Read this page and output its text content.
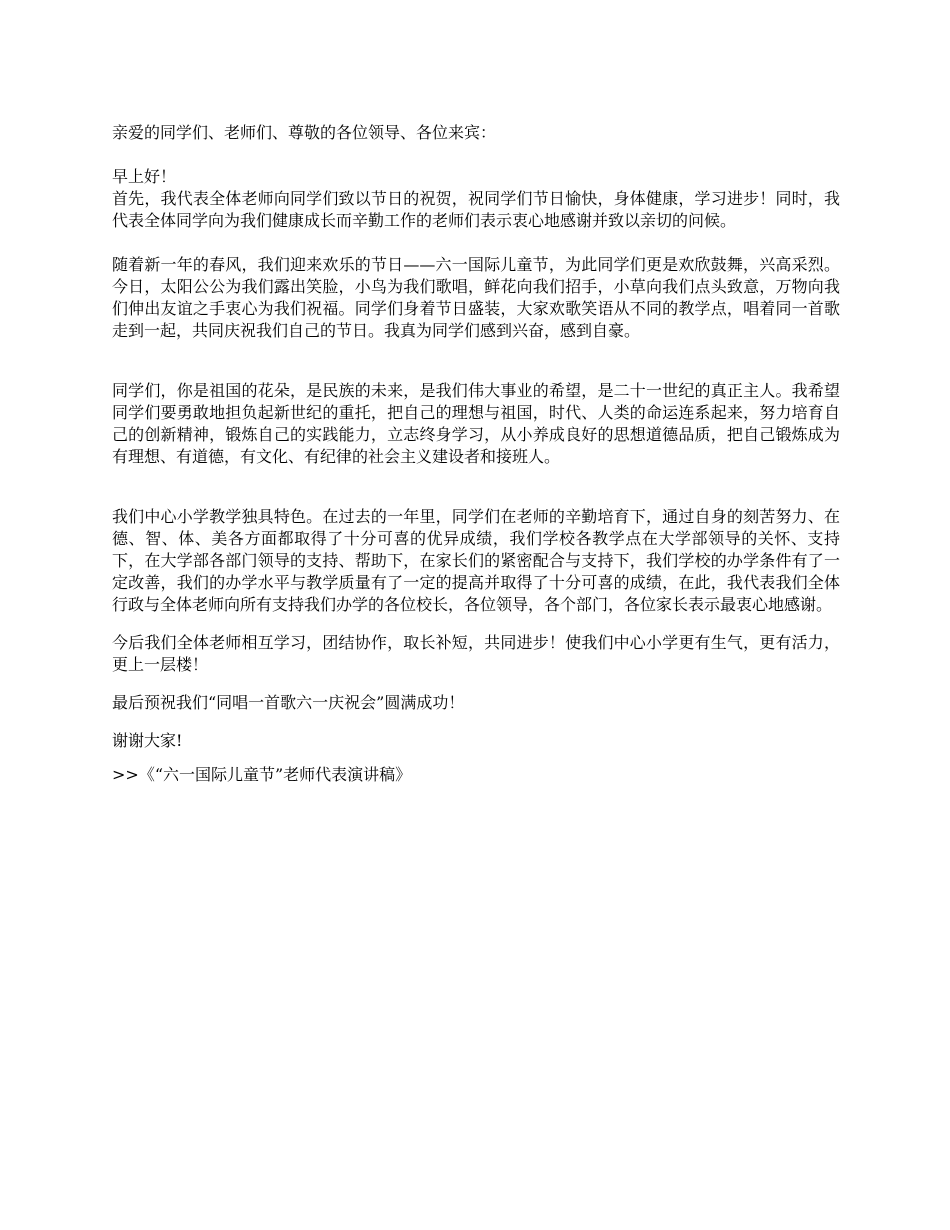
亲爱的同学们、老师们、尊敬的各位领导、各位来宾：

早上好！

首先，我代表全体老师向同学们致以节日的祝贺，祝同学们节日愉快，身体健康，学习进步！同时，我代表全体同学向为我们健康成长而辛勤工作的老师们表示衷心地感谢并致以亲切的问候。

随着新一年的春风，我们迎来欢乐的节日——六一国际儿童节，为此同学们更是欢欣鼓舞，兴高采烈。今日，太阳公公为我们露出笑脸，小鸟为我们歌唱，鲜花向我们招手，小草向我们点头致意，万物向我们伸出友谊之手衷心为我们祝福。同学们身着节日盛装，大家欢歌笑语从不同的教学点，唱着同一首歌走到一起，共同庆祝我们自己的节日。我真为同学们感到兴奋，感到自豪。

同学们，你是祖国的花朵，是民族的未来，是我们伟大事业的希望，是二十一世纪的真正主人。我希望同学们要勇敢地担负起新世纪的重托，把自己的理想与祖国，时代、人类的命运连系起来，努力培育自己的创新精神，锻炼自己的实践能力，立志终身学习，从小养成良好的思想道德品质，把自己锻炼成为有理想、有道德，有文化、有纪律的社会主义建设者和接班人。

我们中心小学教学独具特色。在过去的一年里，同学们在老师的辛勤培育下，通过自身的刻苦努力、在德、智、体、美各方面都取得了十分可喜的优异成绩，我们学校各教学点在大学部领导的关怀、支持下，在大学部各部门领导的支持、帮助下，在家长们的紧密配合与支持下，我们学校的办学条件有了一定改善，我们的办学水平与教学质量有了一定的提高并取得了十分可喜的成绩，在此，我代表我们全体行政与全体老师向所有支持我们办学的各位校长，各位领导，各个部门，各位家长表示最衷心地感谢。

今后我们全体老师相互学习，团结协作，取长补短，共同进步！使我们中心小学更有生气，更有活力，更上一层楼！

最后预祝我们“同唱一首歌六一庆祝会”圆满成功！

谢谢大家!

>>《“六一国际儿童节”老师代表演讲稿》
